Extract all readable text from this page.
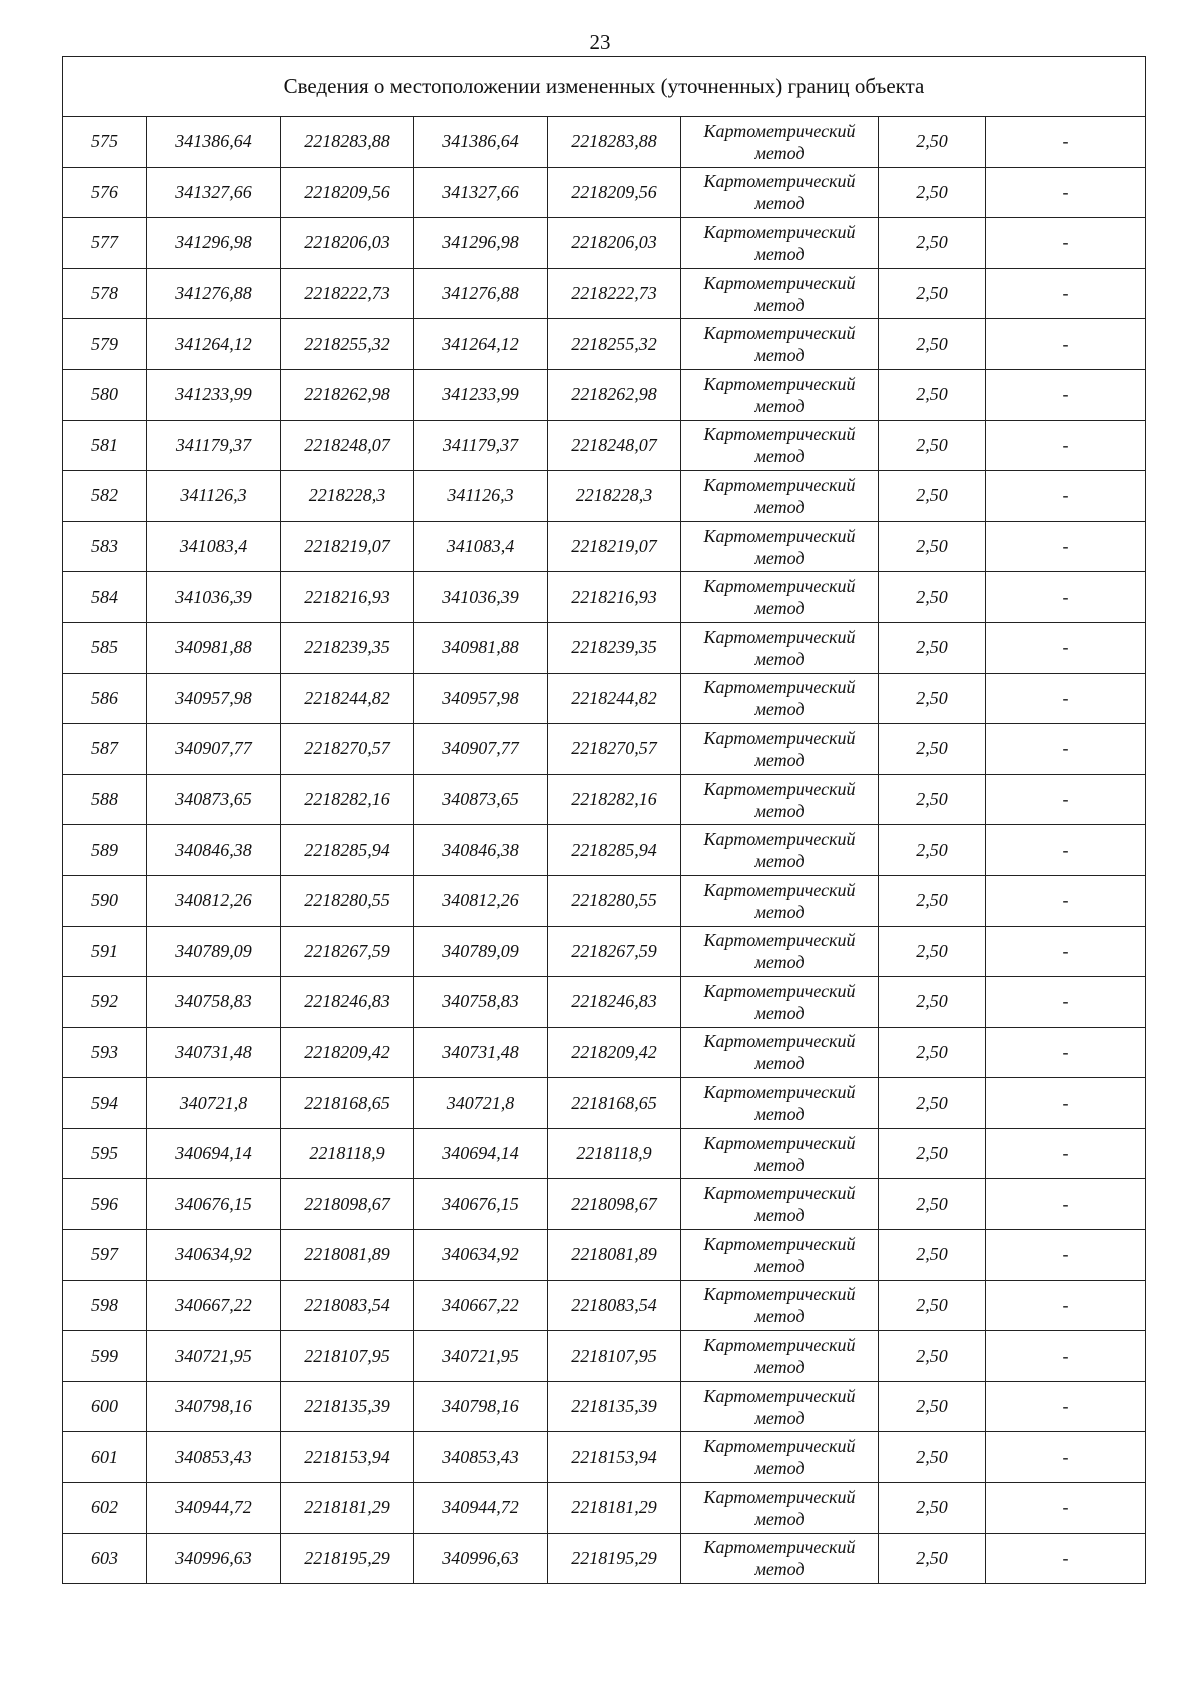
23
Сведения о местоположении измененных (уточненных) границ объекта							
575	341386,64	2218283,88	341386,64	2218283,88	Картометрический
метод	2,50	-
576	341327,66	2218209,56	341327,66	2218209,56	Картометрический
метод	2,50	-
577	341296,98	2218206,03	341296,98	2218206,03	Картометрический
метод	2,50	-
578	341276,88	2218222,73	341276,88	2218222,73	Картометрический
метод	2,50	-
579	341264,12	2218255,32	341264,12	2218255,32	Картометрический
метод	2,50	-
580	341233,99	2218262,98	341233,99	2218262,98	Картометрический
метод	2,50	-
581	341179,37	2218248,07	341179,37	2218248,07	Картометрический
метод	2,50	-
582	341126,3	2218228,3	341126,3	2218228,3	Картометрический
метод	2,50	-
583	341083,4	2218219,07	341083,4	2218219,07	Картометрический
метод	2,50	-
584	341036,39	2218216,93	341036,39	2218216,93	Картометрический
метод	2,50	-
585	340981,88	2218239,35	340981,88	2218239,35	Картометрический
метод	2,50	-
586	340957,98	2218244,82	340957,98	2218244,82	Картометрический
метод	2,50	-
587	340907,77	2218270,57	340907,77	2218270,57	Картометрический
метод	2,50	-
588	340873,65	2218282,16	340873,65	2218282,16	Картометрический
метод	2,50	-
589	340846,38	2218285,94	340846,38	2218285,94	Картометрический
метод	2,50	-
590	340812,26	2218280,55	340812,26	2218280,55	Картометрический
метод	2,50	-
591	340789,09	2218267,59	340789,09	2218267,59	Картометрический
метод	2,50	-
592	340758,83	2218246,83	340758,83	2218246,83	Картометрический
метод	2,50	-
593	340731,48	2218209,42	340731,48	2218209,42	Картометрический
метод	2,50	-
594	340721,8	2218168,65	340721,8	2218168,65	Картометрический
метод	2,50	-
595	340694,14	2218118,9	340694,14	2218118,9	Картометрический
метод	2,50	-
596	340676,15	2218098,67	340676,15	2218098,67	Картометрический
метод	2,50	-
597	340634,92	2218081,89	340634,92	2218081,89	Картометрический
метод	2,50	-
598	340667,22	2218083,54	340667,22	2218083,54	Картометрический
метод	2,50	-
599	340721,95	2218107,95	340721,95	2218107,95	Картометрический
метод	2,50	-
600	340798,16	2218135,39	340798,16	2218135,39	Картометрический
метод	2,50	-
601	340853,43	2218153,94	340853,43	2218153,94	Картометрический
метод	2,50	-
602	340944,72	2218181,29	340944,72	2218181,29	Картометрический
метод	2,50	-
603	340996,63	2218195,29	340996,63	2218195,29	Картометрический
метод	2,50	-
